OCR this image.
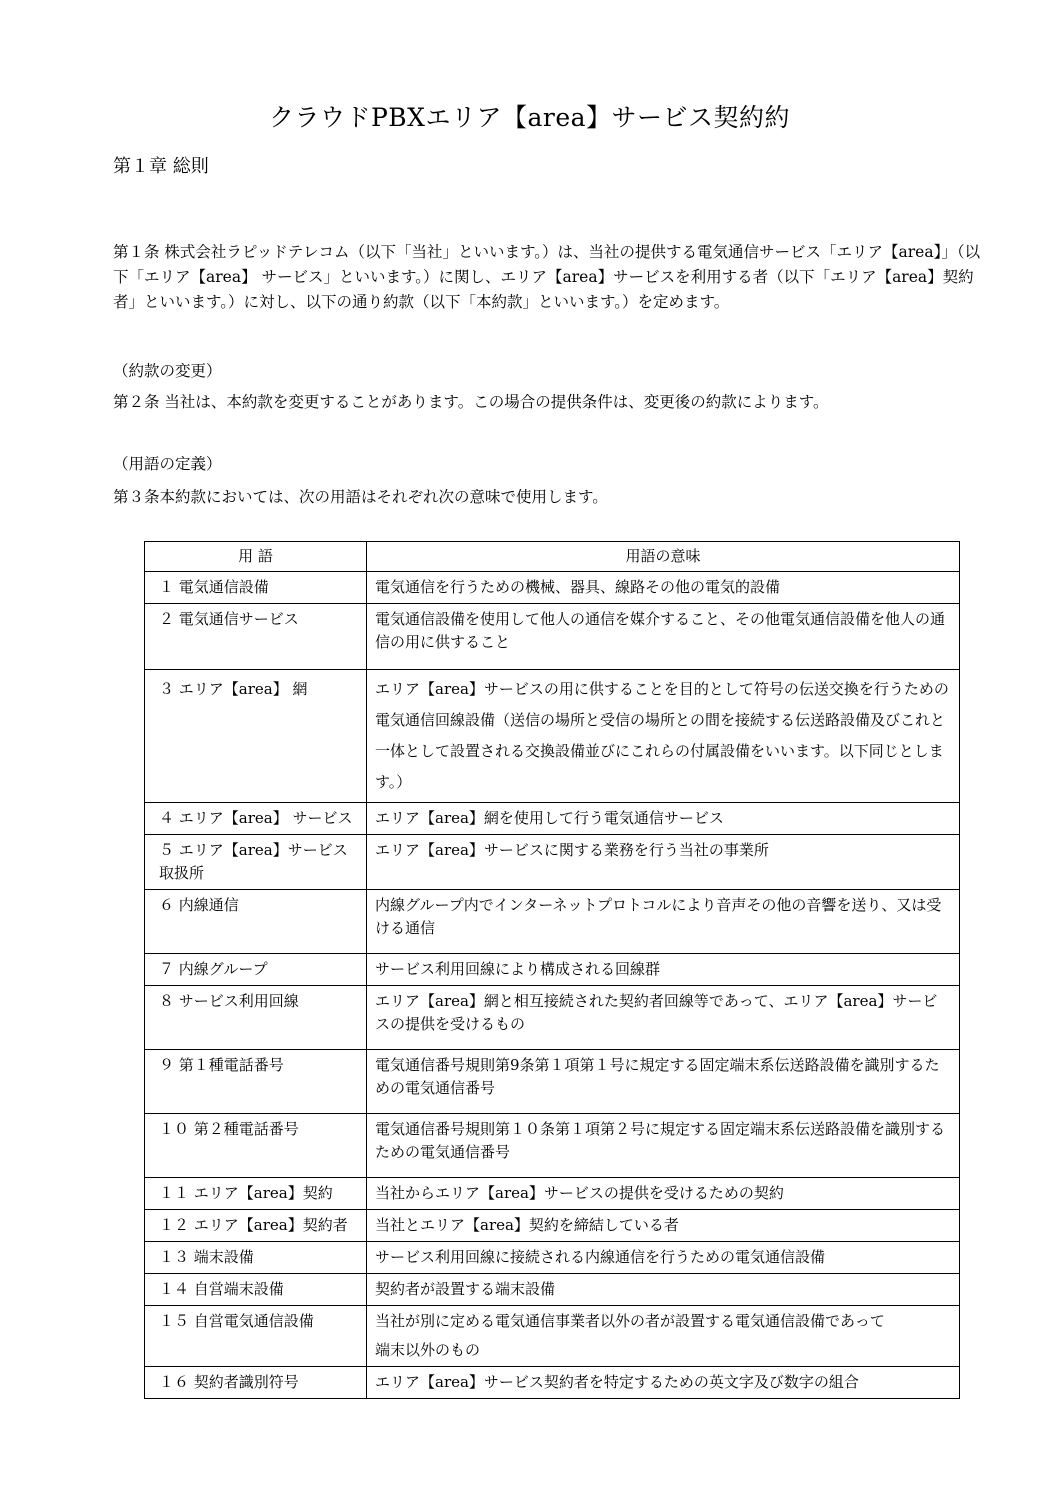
クラウドPBXエリア【area】サービス契約約
第１章 総則
第１条 株式会社ラピッドテレコム（以下「当社」といいます。）は、当社の提供する電気通信サービス「エリア【area】」（以下「エリア【area】 サービス」といいます。）に関し、エリア【area】サービスを利用する者（以下「エリア【area】契約者」といいます。）に対し、以下の通り約款（以下「本約款」といいます。）を定めます。
（約款の変更）
第２条 当社は、本約款を変更することがあります。この場合の提供条件は、変更後の約款によります。
（用語の定義）
第３条本約款においては、次の用語はそれぞれ次の意味で使用します。
用 語	用語の意味
１ 電気通信設備	電気通信を行うための機械、器具、線路その他の電気的設備
２ 電気通信サービス	電気通信設備を使用して他人の通信を媒介すること、その他電気通信設備を他人の通信の用に供すること
３ エリア【area】 網	エリア【area】サービスの用に供することを目的として符号の伝送交換を行うための電気通信回線設備（送信の場所と受信の場所との間を接続する伝送路設備及びこれと一体として設置される交換設備並びにこれらの付属設備をいいます。以下同じとします。）
４ エリア【area】 サービス	エリア【area】網を使用して行う電気通信サービス
５ エリア【area】サービス取扱所	エリア【area】サービスに関する業務を行う当社の事業所
６ 内線通信	内線グループ内でインターネットプロトコルにより音声その他の音響を送り、又は受ける通信
７ 内線グループ	サービス利用回線により構成される回線群
８ サービス利用回線	エリア【area】網と相互接続された契約者回線等であって、エリア【area】サービスの提供を受けるもの
９ 第１種電話番号	電気通信番号規則第9条第１項第１号に規定する固定端末系伝送路設備を識別するための電気通信番号
１０ 第２種電話番号	電気通信番号規則第１０条第１項第２号に規定する固定端末系伝送路設備を識別するための電気通信番号
１１ エリア【area】契約	当社からエリア【area】サービスの提供を受けるための契約
１２ エリア【area】契約者	当社とエリア【area】契約を締結している者
１３ 端末設備	サービス利用回線に接続される内線通信を行うための電気通信設備
１４ 自営端末設備	契約者が設置する端末設備
１５ 自営電気通信設備	当社が別に定める電気通信事業者以外の者が設置する電気通信設備であって
端末以外のもの

１６ 契約者識別符号	エリア【area】サービス契約者を特定するための英文字及び数字の組合
